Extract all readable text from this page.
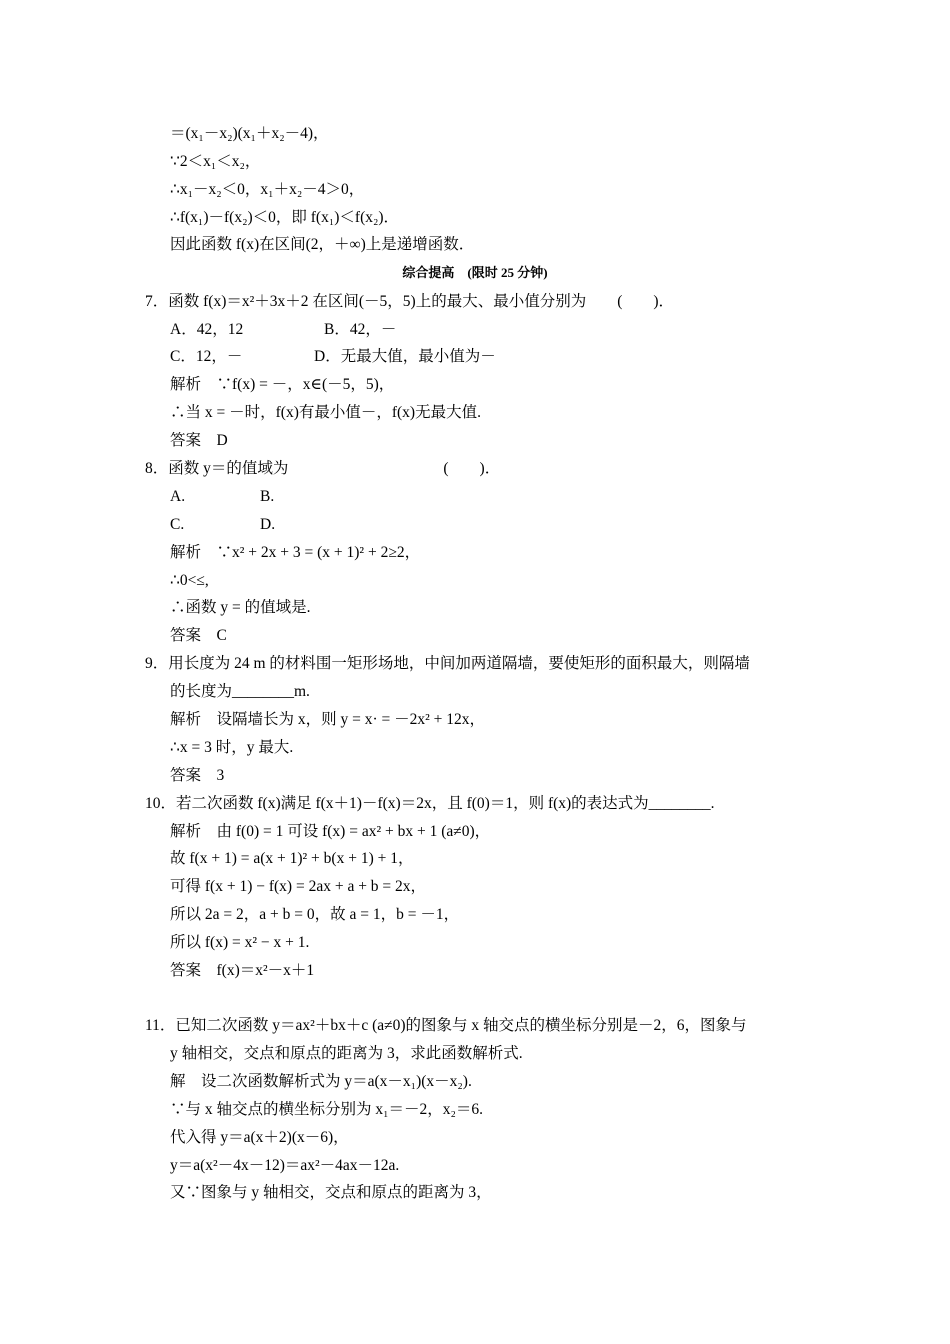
＝(x₁－x₂)(x₁＋x₂－4)，
∵2＜x₁＜x₂，
∴x₁－x₂＜0，x₁＋x₂－4＞0，
∴f(x₁)－f(x₂)＜0，即 f(x₁)＜f(x₂)．
因此函数 f(x)在区间(2，＋∞)上是递增函数．
综合提高　(限时 25 分钟)
7．函数 f(x)＝x²＋3x＋2 在区间(－5，5)上的最大、最小值分别为　　(　　)．
A．42，12	B．42，－
C．12，－	D．无最大值，最小值为－
解析　∵f(x) = －，x∈(－5，5)，
∴当 x = －时，f(x)有最小值－，f(x)无最大值.
答案　D
8．函数 y＝的值域为　　　　　　　　　　(　　)．
A.	B.
C.	D.
解析　∵x² + 2x + 3 = (x + 1)² + 2≥2，
∴0<≤,
∴函数 y = 的值域是.
答案　C
9．用长度为 24 m 的材料围一矩形场地，中间加两道隔墙，要使矩形的面积最大，则隔墙
的长度为________m.
解析　设隔墙长为 x，则 y = x· = －2x² + 12x，
∴x = 3 时，y 最大.
答案　3
10．若二次函数 f(x)满足 f(x＋1)－f(x)＝2x，且 f(0)＝1，则 f(x)的表达式为________.
解析　由 f(0) = 1 可设 f(x) = ax² + bx + 1 (a≠0)，
故 f(x + 1) = a(x + 1)² + b(x + 1) + 1，
可得 f(x + 1) − f(x) = 2ax + a + b = 2x，
所以 2a = 2，a + b = 0，故 a = 1，b = －1，
所以 f(x) = x² − x + 1.
答案　f(x)＝x²－x＋1
11．已知二次函数 y＝ax²＋bx＋c (a≠0)的图象与 x 轴交点的横坐标分别是－2，6，图象与
y 轴相交，交点和原点的距离为 3，求此函数解析式.
解　设二次函数解析式为 y＝a(x－x₁)(x－x₂).
∵与 x 轴交点的横坐标分别为 x₁＝－2，x₂＝6.
代入得 y＝a(x＋2)(x－6)，
y＝a(x²－4x－12)＝ax²－4ax－12a.
又∵图象与 y 轴相交，交点和原点的距离为 3，
